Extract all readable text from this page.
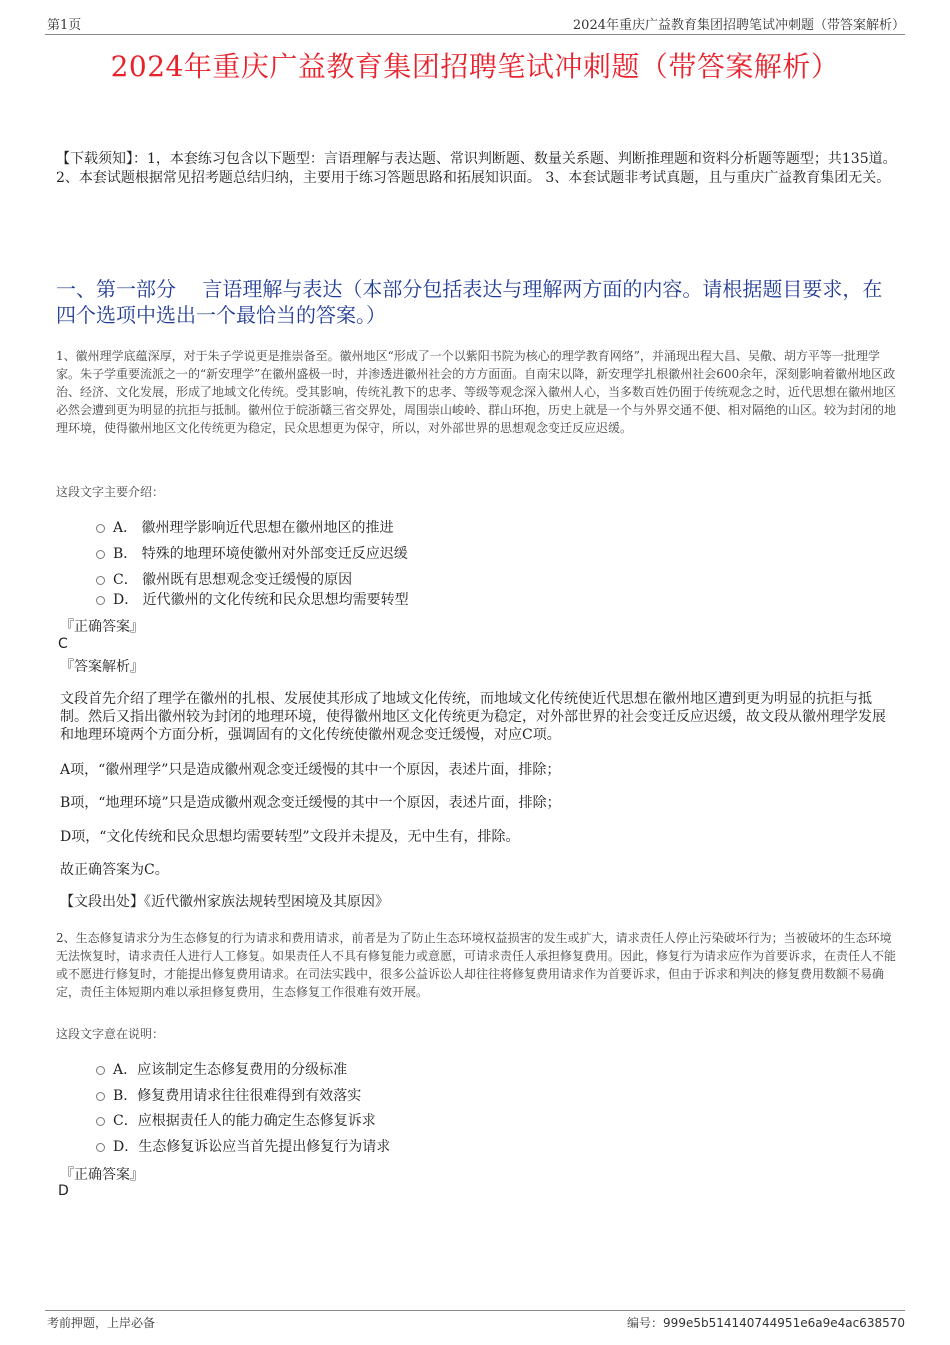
第1页	2024年重庆广益教育集团招聘笔试冲刺题（带答案解析）
2024年重庆广益教育集团招聘笔试冲刺题（带答案解析）
【下载须知】：1，本套练习包含以下题型：言语理解与表达题、常识判断题、数量关系题、判断推理题和资料分析题等题型；共135道。 2、本套试题根据常见招考题总结归纳，主要用于练习答题思路和拓展知识面。 3、本套试题非考试真题，且与重庆广益教育集团无关。
一、第一部分　 言语理解与表达（本部分包括表达与理解两方面的内容。请根据题目要求，在四个选项中选出一个最恰当的答案。）
1、徽州理学底蕴深厚，对于朱子学说更是推崇备至。徽州地区“形成了一个以紫阳书院为核心的理学教育网络”，并涌现出程大昌、吴儆、胡方平等一批理学家。朱子学重要流派之一的“新安理学”在徽州盛极一时，并渗透进徽州社会的方方面面。自南宋以降，新安理学扎根徽州社会600余年，深刻影响着徽州地区政治、经济、文化发展，形成了地域文化传统。受其影响，传统礼教下的忠孝、等级等观念深入徽州人心，当多数百姓仍囿于传统观念之时，近代思想在徽州地区必然会遭到更为明显的抗拒与抵制。徽州位于皖浙赣三省交界处，周围崇山峻岭、群山环抱，历史上就是一个与外界交通不便、相对隔绝的山区。较为封闭的地理环境，使得徽州地区文化传统更为稳定，民众思想更为保守，所以，对外部世界的思想观念变迁反应迟缓。
这段文字主要介绍：
A． 徽州理学影响近代思想在徽州地区的推进
B． 特殊的地理环境使徽州对外部变迁反应迟缓
C． 徽州既有思想观念变迁缓慢的原因
D． 近代徽州的文化传统和民众思想均需要转型
『正确答案』
C
『答案解析』
文段首先介绍了理学在徽州的扎根、发展使其形成了地域文化传统，而地域文化传统使近代思想在徽州地区遭到更为明显的抗拒与抵制。然后又指出徽州较为封闭的地理环境，使得徽州地区文化传统更为稳定，对外部世界的社会变迁反应迟缓，故文段从徽州理学发展和地理环境两个方面分析，强调固有的文化传统使徽州观念变迁缓慢，对应C项。
A项，“徽州理学”只是造成徽州观念变迁缓慢的其中一个原因，表述片面，排除；
B项，“地理环境”只是造成徽州观念变迁缓慢的其中一个原因，表述片面，排除；
D项，“文化传统和民众思想均需要转型”文段并未提及，无中生有，排除。
故正确答案为C。
【文段出处】《近代徽州家族法规转型困境及其原因》
2、生态修复请求分为生态修复的行为请求和费用请求，前者是为了防止生态环境权益损害的发生或扩大，请求责任人停止污染破坏行为；当被破坏的生态环境无法恢复时，请求责任人进行人工修复。如果责任人不具有修复能力或意愿，可请求责任人承担修复费用。因此，修复行为请求应作为首要诉求，在责任人不能或不愿进行修复时，才能提出修复费用请求。在司法实践中，很多公益诉讼人却往往将修复费用请求作为首要诉求，但由于诉求和判决的修复费用数额不易确定，责任主体短期内难以承担修复费用，生态修复工作很难有效开展。
这段文字意在说明：
A．应该制定生态修复费用的分级标准
B．修复费用请求往往很难得到有效落实
C．应根据责任人的能力确定生态修复诉求
D．生态修复诉讼应当首先提出修复行为请求
『正确答案』
D
考前押题，上岸必备	编号：999e5b514140744951e6a9e4ac638570
